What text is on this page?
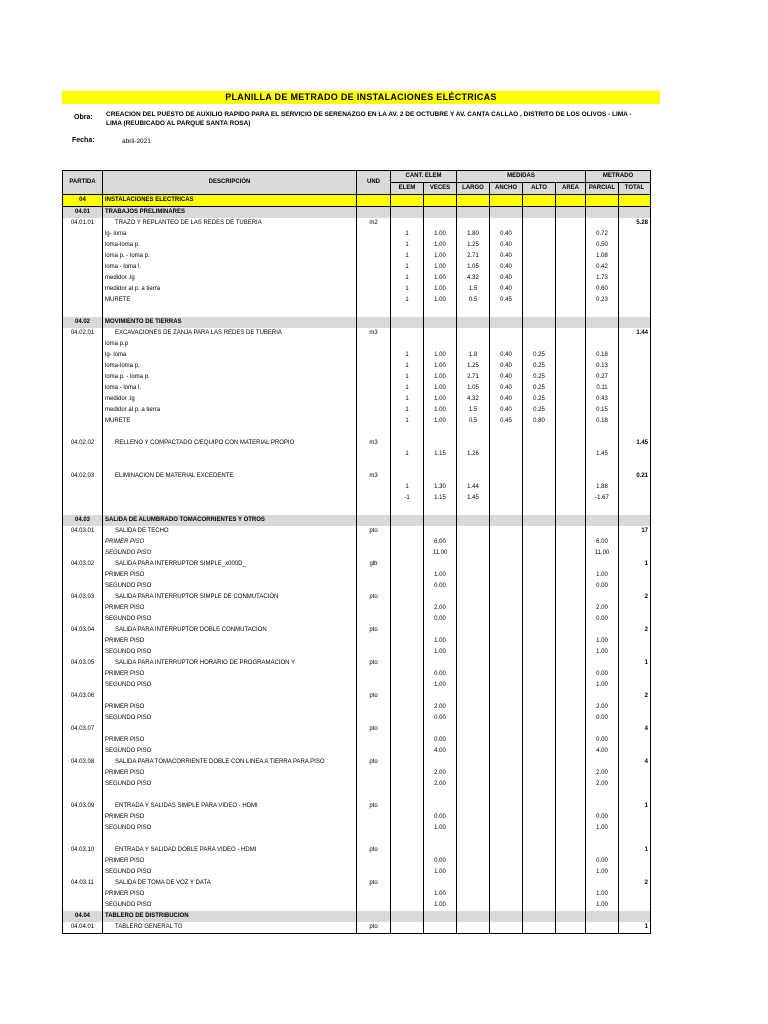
PLANILLA DE METRADO DE INSTALACIONES ELÉCTRICAS
Obra: CREACION DEL PUESTO DE AUXILIO RAPIDO PARA EL SERVICIO DE SERENAZGO EN LA AV. 2 DE OCTUBRE Y AV. CANTA CALLAO , DISTRITO DE LOS OLIVOS - LIMA - LIMA (REUBICADO AL PARQUE SANTA ROSA)
Fecha:	abril-2021
PARTIDA	DESCRIPCIÓN	UND	CANT. ELEM		MEDIDAS				METRADO	
			ELEM	VECES	LARGO	ANCHO	ALTO	AREA	PARCIAL	TOTAL
04	INSTALACIONES ELECTRICAS									
04.01	TRABAJOS PRELIMINARES									
04.01.01	TRAZO Y REPLANTEO DE LAS REDES DE TUBERIA	m2								5.28
	lg- loma		1	1.00	1.80	0.40			0.72	
	loma-loma p.		1	1.00	1.25	0.40			0.50	
	loma p. - loma p.		1	1.00	2.71	0.40			1.08	
	loma - loma l.		1	1.00	1.05	0.40			0.42	
	medidor .lg		1	1.00	4.32	0.40			1.73	
	medidor al p. a tierra		1	1.00	1.5	0.40			0.60	
	MURETE		1	1.00	0.5	0.45			0.23	

04.02	MOVIMIENTO DE TIERRAS									
04.02.01	EXCAVACIONES DE ZANJA PARA LAS REDES DE TUBERIA	m3								1.44
	loma p.p									
	lg- loma		1	1.00	1.8	0.40	0.25		0.18	
	loma-loma p.		1	1.00	1.25	0.40	0.25		0.13	
	loma p. - loma p.		1	1.00	2.71	0.40	0.25		0.27	
	loma - loma l.		1	1.00	1.05	0.40	0.25		0.11	
	medidor .lg		1	1.00	4.32	0.40	0.25		0.43	
	medidor al p. a tierra		1	1.00	1.5	0.40	0.25		0.15	
	MURETE		1	1.00	0.5	0.45	0.80		0.18	

04.02.02	RELLENO Y COMPACTADO C/EQUIPO CON MATERIAL PROPIO	m3								1.45
			1	1.15	1.26				1.45	

04.02.03	ELIMINACION DE MATERIAL EXCEDENTE	m3								0.21
			1	1.30	1.44				1.88	
			-1	1.15	1.45				-1.67	

04.03	SALIDA DE ALUMBRADO TOMACORRIENTES Y OTROS									
04.03.01	SALIDA DE TECHO	pto								17
	PRIMER PISO			6.00					6.00	
	SEGUNDO PISO			11.00					11.00	
04.03.02	SALIDA PARA INTERRUPTOR SIMPLE_x000D_	glb								1
	PRIMER PISO			1.00					1.00	
	SEGUNDO PISO			0.00					0.00	
04.03.03	SALIDA PARA INTERRUPTOR SIMPLE DE CONMUTACIÓN	pto								2
	PRIMER PISO			2.00					2.00	
	SEGUNDO PISO			0.00					0.00	
04.03.04	SALIDA PARA INTERRUPTOR DOBLE CONMUTACION	pto								2
	PRIMER PISO			1.00					1.00	
	SEGUNDO PISO			1.00					1.00	
04.03.05	SALIDA PARA INTERRUPTOR HORARIO DE PROGRAMACION Y	pto								1
	PRIMER PISO			0.00					0.00	
	SEGUNDO PISO			1.00					1.00	
04.03.06		pto								2
	PRIMER PISO			2.00					2.00	
	SEGUNDO PISO			0.00					0.00	
04.03.07		pto								4
	PRIMER PISO			0.00					0.00	
	SEGUNDO PISO			4.00					4.00	
04.03.08	SALIDA PARA TOMACORRIENTE DOBLE CON LINEA A TIERRA PARA PISO	pto								4
	PRIMER PISO			2.00					2.00	
	SEGUNDO PISO			2.00					2.00	

04.03.09	ENTRADA Y SALIDAS SIMPLE PARA VIDEO - HDMI	pto								1
	PRIMER PISO			0.00					0.00	
	SEGUNDO PISO			1.00					1.00	

04.03.10	ENTRADA Y SALIDAD DOBLE PARA VIDEO - HDMI	pto								1
	PRIMER PISO			0.00					0.00	
	SEGUNDO PISO			1.00					1.00	
04.03.11	SALIDA DE TOMA DE VOZ Y DATA	pto								2
	PRIMER PISO			1.00					1.00	
	SEGUNDO PISO			1.00					1.00	
04.04	TABLERO DE DISTRIBUCION									
04.04.01	TABLERO GENERAL TG	pto								1
